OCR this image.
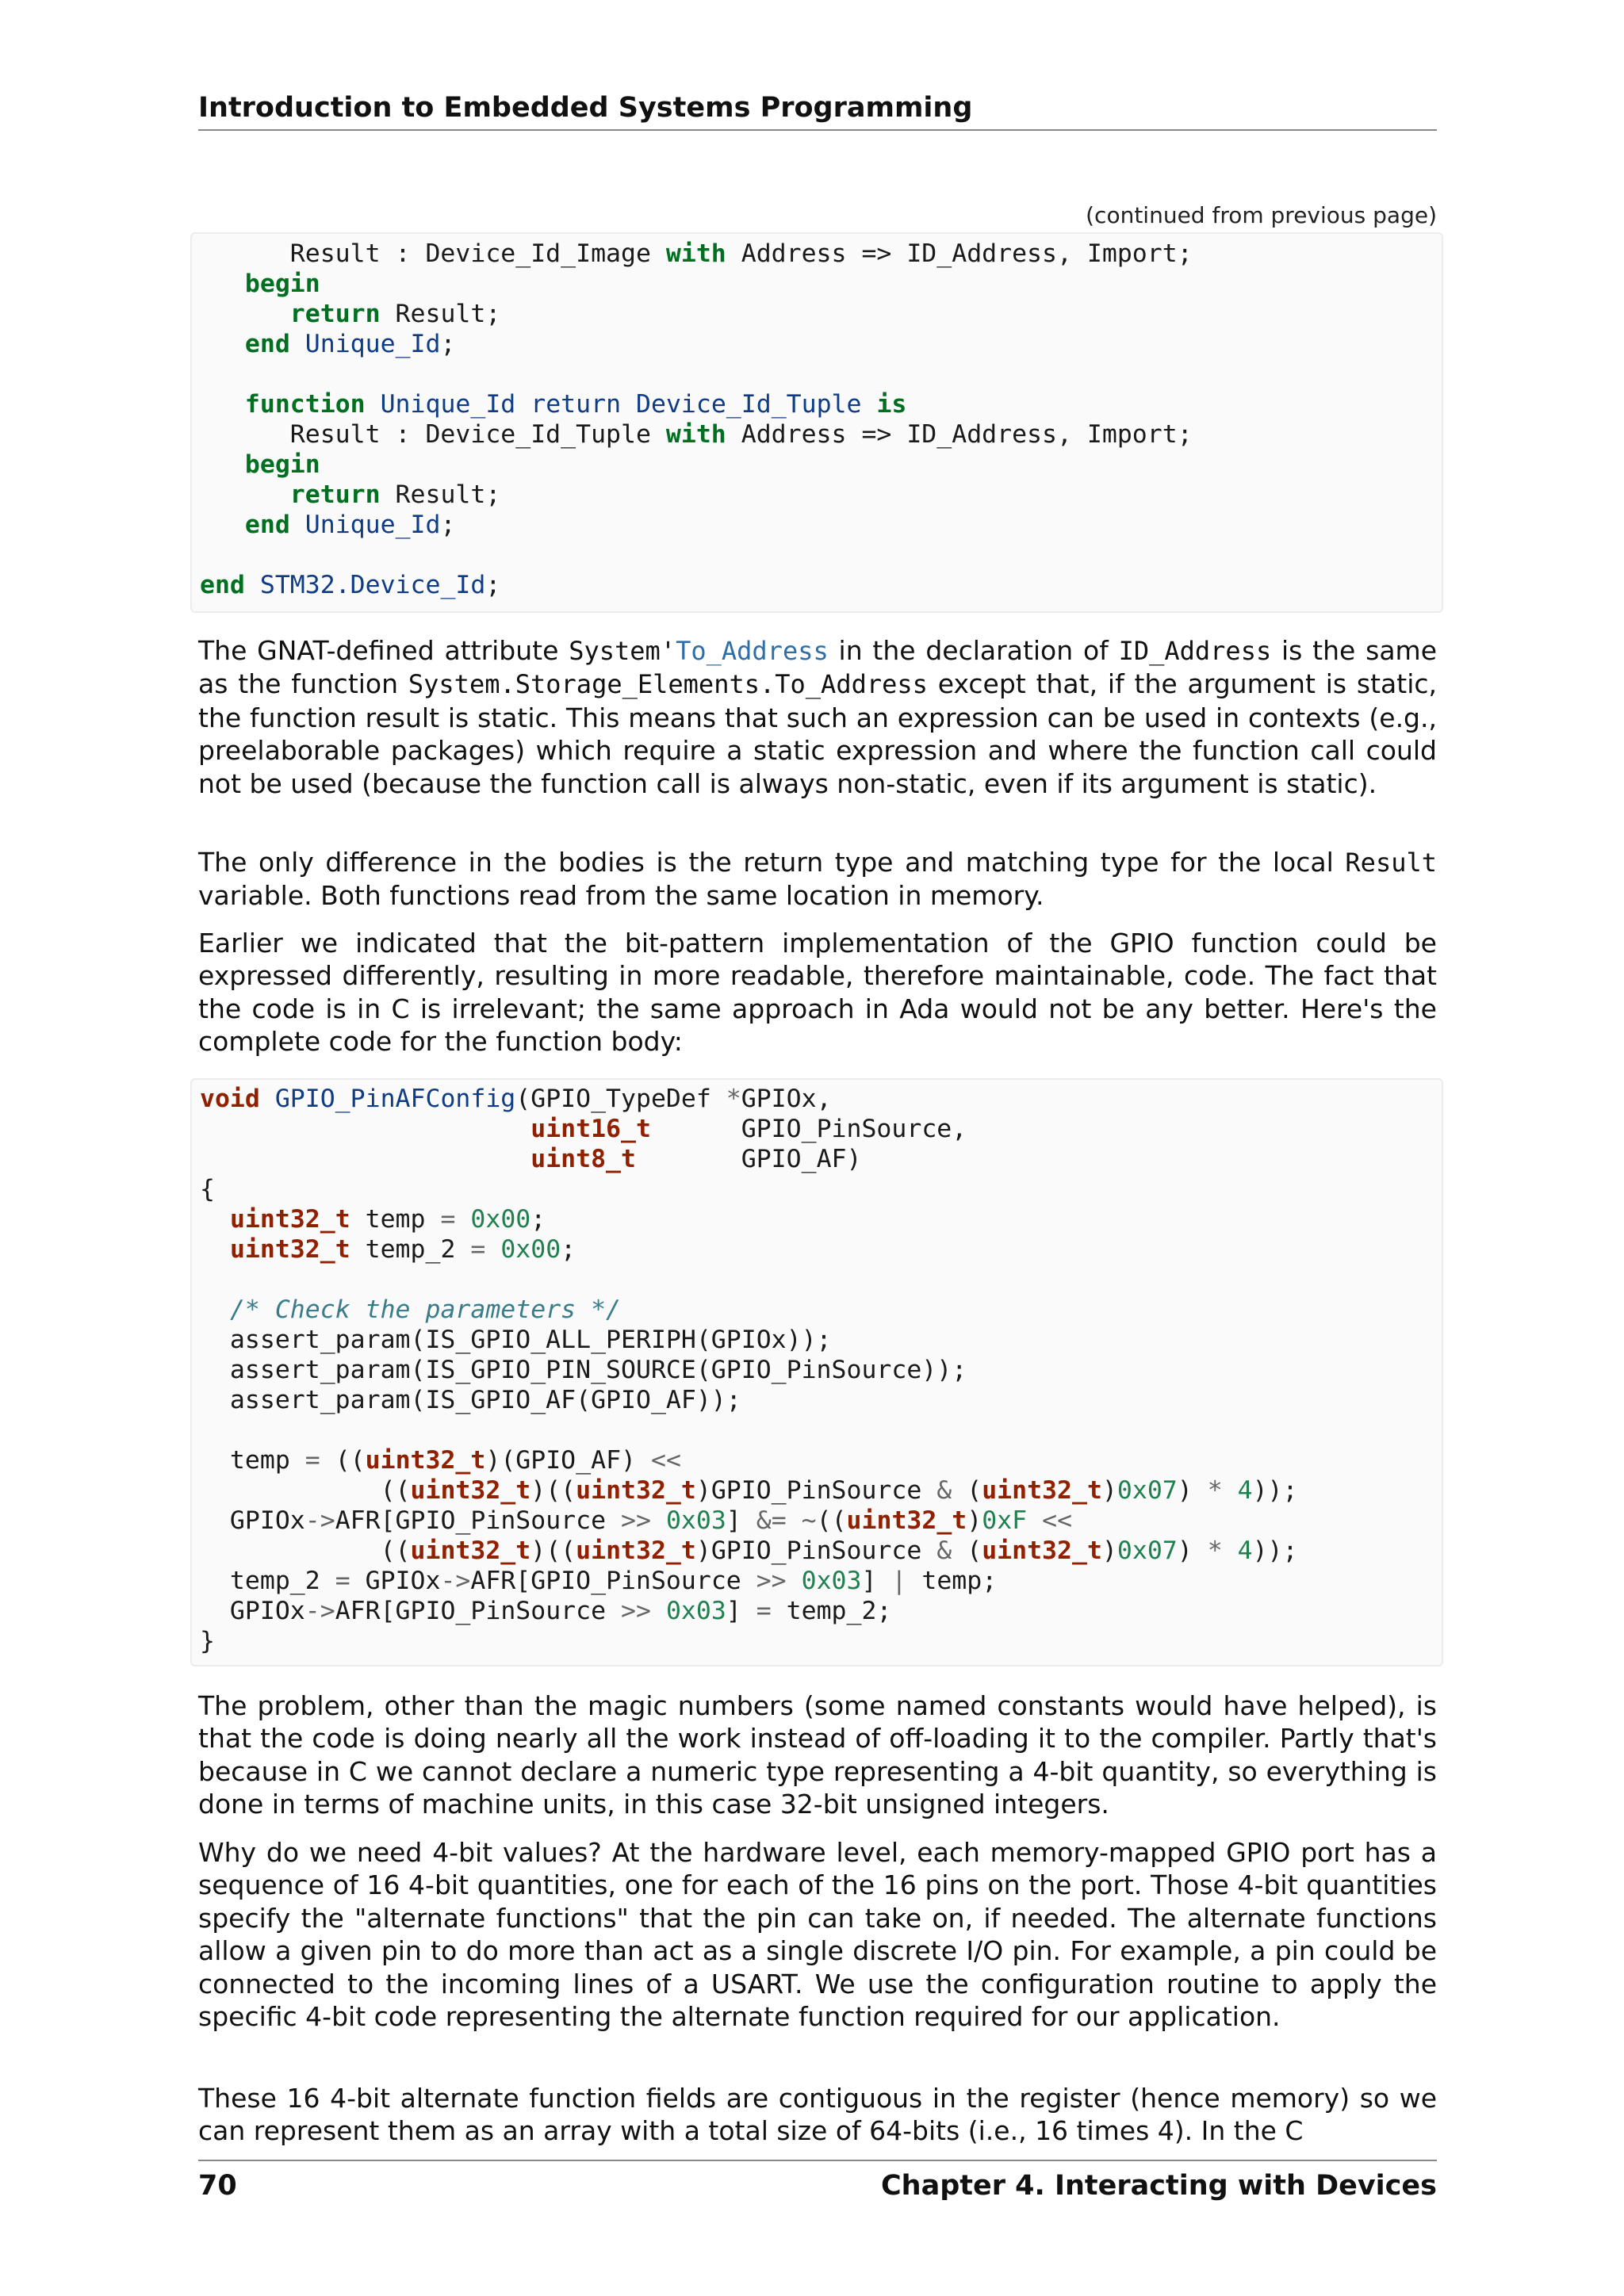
Introduction to Embedded Systems Programming
(continued from previous page)
Result : Device_Id_Image with Address => ID_Address, Import;
begin
return Result;
end Unique_Id;

function Unique_Id return Device_Id_Tuple is
Result : Device_Id_Tuple with Address => ID_Address, Import;
begin
return Result;
end Unique_Id;

end STM32.Device_Id;

The GNAT-defined attribute System'To_Address in the declaration of ID_Address is the same as the function System.Storage_Elements.To_Address except that, if the argument is static, the function result is static. This means that such an expression can be used in contexts (e.g., preelaborable packages) which require a static expression and where the function call could not be used (because the function call is always non-static, even if its argument is static).

The only difference in the bodies is the return type and matching type for the local Result variable. Both functions read from the same location in memory.

Earlier we indicated that the bit-pattern implementation of the GPIO function could be expressed differently, resulting in more readable, therefore maintainable, code. The fact that the code is in C is irrelevant; the same approach in Ada would not be any better. Here's the complete code for the function body:

void GPIO_PinAFConfig(GPIO_TypeDef *GPIOx,
uint16_t      GPIO_PinSource,
uint8_t       GPIO_AF)
{
uint32_t temp = 0x00;
uint32_t temp_2 = 0x00;

/* Check the parameters */
assert_param(IS_GPIO_ALL_PERIPH(GPIOx));
assert_param(IS_GPIO_PIN_SOURCE(GPIO_PinSource));
assert_param(IS_GPIO_AF(GPIO_AF));

temp = ((uint32_t)(GPIO_AF) <<
((uint32_t)((uint32_t)GPIO_PinSource & (uint32_t)0x07) * 4));
GPIOx->AFR[GPIO_PinSource >> 0x03] &= ~((uint32_t)0xF <<
((uint32_t)((uint32_t)GPIO_PinSource & (uint32_t)0x07) * 4));
temp_2 = GPIOx->AFR[GPIO_PinSource >> 0x03] | temp;
GPIOx->AFR[GPIO_PinSource >> 0x03] = temp_2;
}

The problem, other than the magic numbers (some named constants would have helped), is that the code is doing nearly all the work instead of off-loading it to the compiler. Partly that's because in C we cannot declare a numeric type representing a 4-bit quantity, so everything is done in terms of machine units, in this case 32-bit unsigned integers.

Why do we need 4-bit values? At the hardware level, each memory-mapped GPIO port has a sequence of 16 4-bit quantities, one for each of the 16 pins on the port. Those 4-bit quantities specify the "alternate functions" that the pin can take on, if needed. The alternate functions allow a given pin to do more than act as a single discrete I/O pin. For example, a pin could be connected to the incoming lines of a USART. We use the configuration routine to apply the specific 4-bit code representing the alternate function required for our application.

These 16 4-bit alternate function fields are contiguous in the register (hence memory) so we can represent them as an array with a total size of 64-bits (i.e., 16 times 4). In the C

70	Chapter 4. Interacting with Devices
